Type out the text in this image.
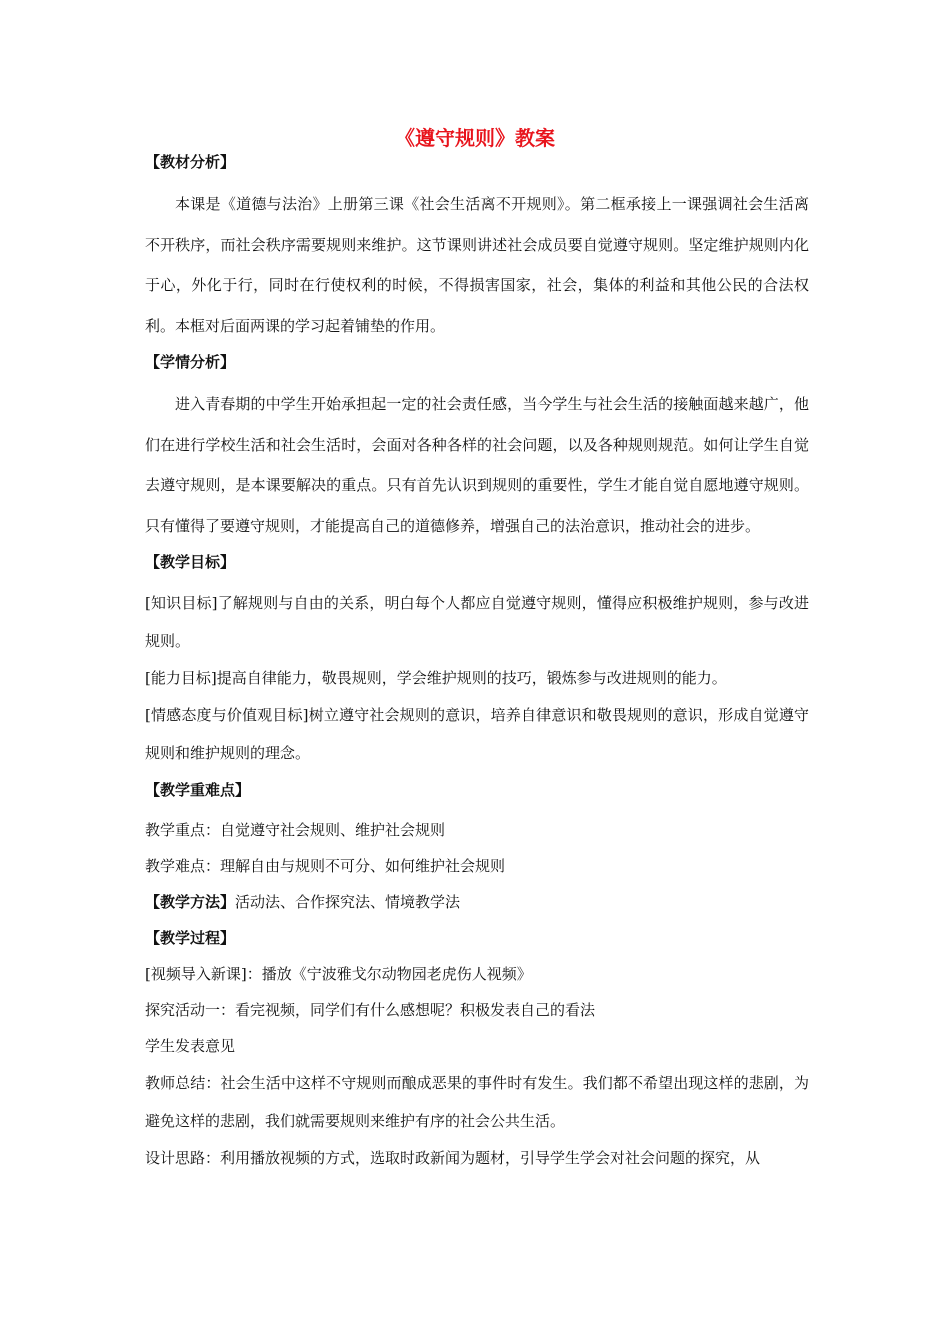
《遵守规则》教案

【教材分析】

本课是《道德与法治》上册第三课《社会生活离不开规则》。第二框承接上一课强调社会生活离不开秩序，而社会秩序需要规则来维护。这节课则讲述社会成员要自觉遵守规则。坚定维护规则内化于心，外化于行，同时在行使权利的时候，不得损害国家，社会，集体的利益和其他公民的合法权利。本框对后面两课的学习起着铺垫的作用。

【学情分析】

进入青春期的中学生开始承担起一定的社会责任感，当今学生与社会生活的接触面越来越广，他们在进行学校生活和社会生活时，会面对各种各样的社会问题，以及各种规则规范。如何让学生自觉去遵守规则，是本课要解决的重点。只有首先认识到规则的重要性，学生才能自觉自愿地遵守规则。只有懂得了要遵守规则，才能提高自己的道德修养，增强自己的法治意识，推动社会的进步。

【教学目标】

[知识目标]了解规则与自由的关系，明白每个人都应自觉遵守规则，懂得应积极维护规则，参与改进规则。

[能力目标]提高自律能力，敬畏规则，学会维护规则的技巧，锻炼参与改进规则的能力。

[情感态度与价值观目标]树立遵守社会规则的意识，培养自律意识和敬畏规则的意识，形成自觉遵守规则和维护规则的理念。

【教学重难点】

教学重点：自觉遵守社会规则、维护社会规则

教学难点：理解自由与规则不可分、如何维护社会规则

【教学方法】活动法、合作探究法、情境教学法

【教学过程】

[视频导入新课]：播放《宁波雅戈尔动物园老虎伤人视频》

探究活动一：看完视频，同学们有什么感想呢？积极发表自己的看法

学生发表意见

教师总结：社会生活中这样不守规则而酿成恶果的事件时有发生。我们都不希望出现这样的悲剧，为避免这样的悲剧，我们就需要规则来维护有序的社会公共生活。

设计思路：利用播放视频的方式，选取时政新闻为题材，引导学生学会对社会问题的探究，从
